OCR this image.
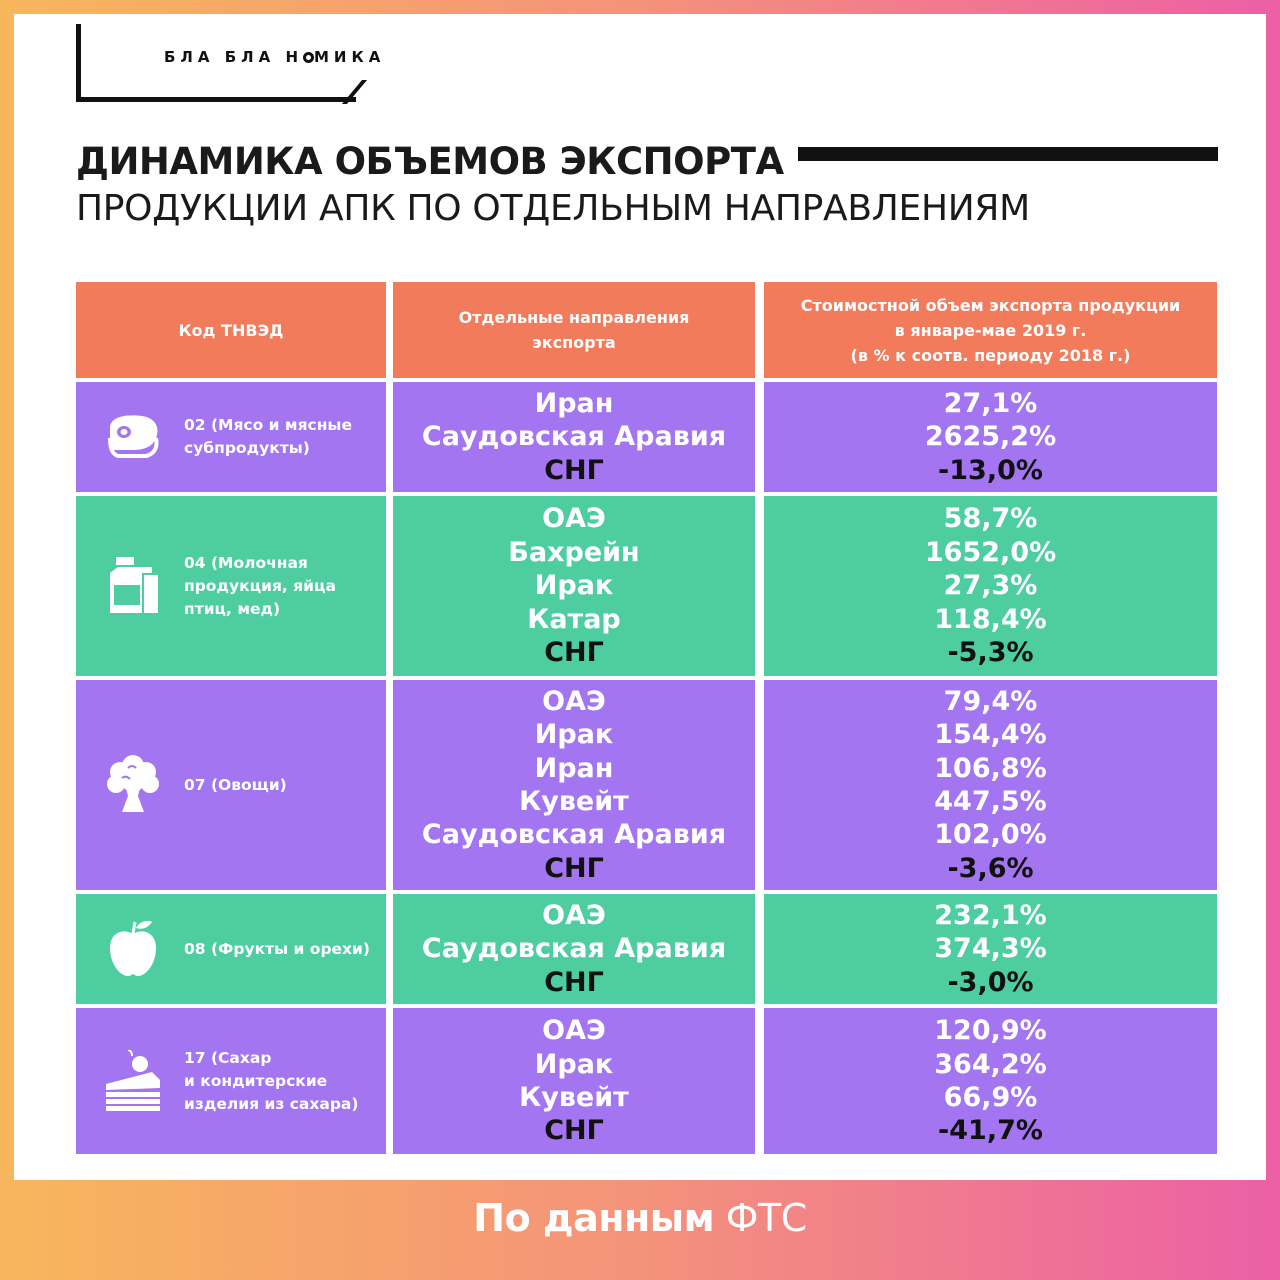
БЛА БЛА Н МИКА
ДИНАМИКА ОБЪЕМОВ ЭКСПОРТА
ПРОДУКЦИИ АПК ПО ОТДЕЛЬНЫМ НАПРАВЛЕНИЯМ
Код ТНВЭД
Отдельные направления
экспорта
Стоимостной объем экспорта продукции
в январе-мае 2019 г.
(в % к соотв. периоду 2018 г.)
02 (Мясо и мясные
субпродукты)
Иран
Саудовская Аравия
СНГ
27,1%
2625,2%
-13,0%
04 (Молочная
продукция, яйца
птиц, мед)
ОАЭ
Бахрейн
Ирак
Катар
СНГ
58,7%
1652,0%
27,3%
118,4%
-5,3%
07 (Овощи)
ОАЭ
Ирак
Иран
Кувейт
Саудовская Аравия
СНГ
79,4%
154,4%
106,8%
447,5%
102,0%
-3,6%
08 (Фрукты и орехи)
ОАЭ
Саудовская Аравия
СНГ
232,1%
374,3%
-3,0%
17 (Сахар
и кондитерские
изделия из сахара)
ОАЭ
Ирак
Кувейт
СНГ
120,9%
364,2%
66,9%
-41,7%
По данным ФТС
